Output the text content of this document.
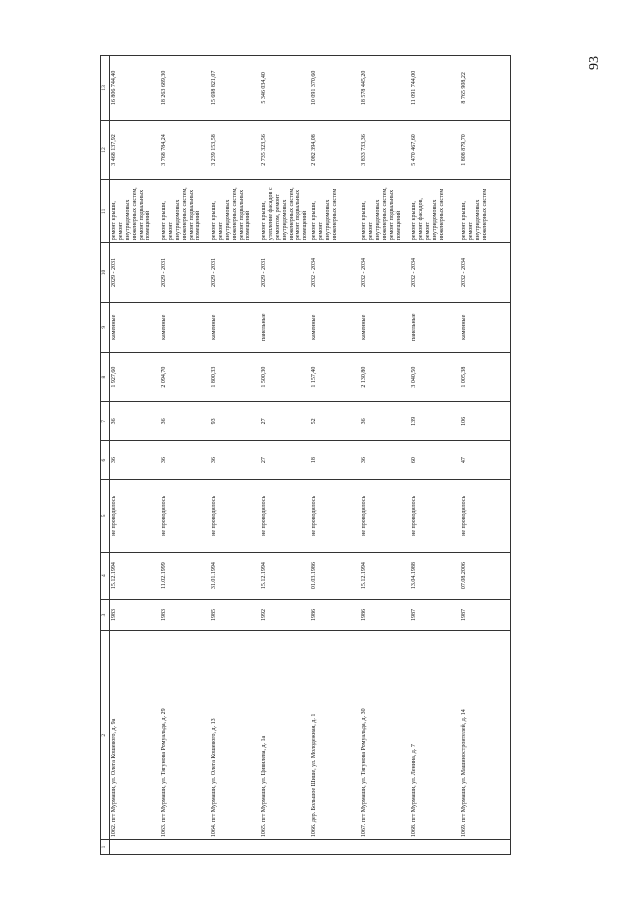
93
1	2	3	4	5	6	7	8	9	10	11	12	13
	1062. пгт Мурмаши, ул. Олега Кошевого, д. 9а	1983	15.12.1994	не проводилось	36	36	1 927,60	каменные	2029 - 2031	ремонт крыши, ремонт внутридомовых инженерных систем, ремонт подвальных помещений	3 468 137,92	16 806 744,40
	1063. пгт Мурмаши, ул. Тягунова Ромуальда, д. 29	1983	11.02.1999	не проводилось	36	36	2 094,70	каменные	2029 - 2031	ремонт крыши, ремонт внутридомовых инженерных систем, ремонт подвальных помещений	3 768 784,24	18 263 689,30
	1064. пгт Мурмаши, ул. Олега Кошевого, д. 13	1985	31.01.1994	не проводилось	36	93	1 800,33	каменные	2029 - 2031	ремонт крыши, ремонт внутридомовых инженерных систем, ремонт подвальных помещений	3 239 153,58	15 698 821,07
	1065. пгт Мурмаши, ул. Цивилева, д. 1а	1992	15.12.1994	не проводилось	27	27	1 500,30	панельные	2029 - 2031	ремонт крыши, утепление фасадов с ремонтом, ремонт внутридомовых инженерных систем, ремонт подвальных помещений	2 735 323,56	5 346 034,40
	1066. дер. Большое Шише, ул. Молодежная, д. 1	1986	01.03.1986	не проводилось	18	52	1 157,40	каменные	2032 - 2034	ремонт крыши, ремонт внутридомовых инженерных систем	2 082 394,08	10 091 370,60
	1067. пгт Мурмаши, ул. Тягунова Ромуальда, д. 30	1986	15.12.1994	не проводилось	36	36	2 130,80	каменные	2032 - 2034	ремонт крыши, ремонт внутридомовых инженерных систем, ремонт подвальных помещений	3 833 733,36	18 578 445,20
	1068. пгт Мурмаши, ул. Ленина, д. 7	1987	13.04.1988	не проводилось	60	139	3 040,50	панельные	2032 - 2034	ремонт крыши, ремонт фасадов, ремонт внутридомовых инженерных систем	5 470 467,60	11 091 744,00
	1069. пгт Мурмаши, ул. Машиностроителей, д. 14	1987	07.08.2006	не проводилось	47	106	1 005,38	каменные	2032 - 2034	ремонт крыши, ремонт внутридомовых инженерных систем	1 808 879,70	8 765 908,22
